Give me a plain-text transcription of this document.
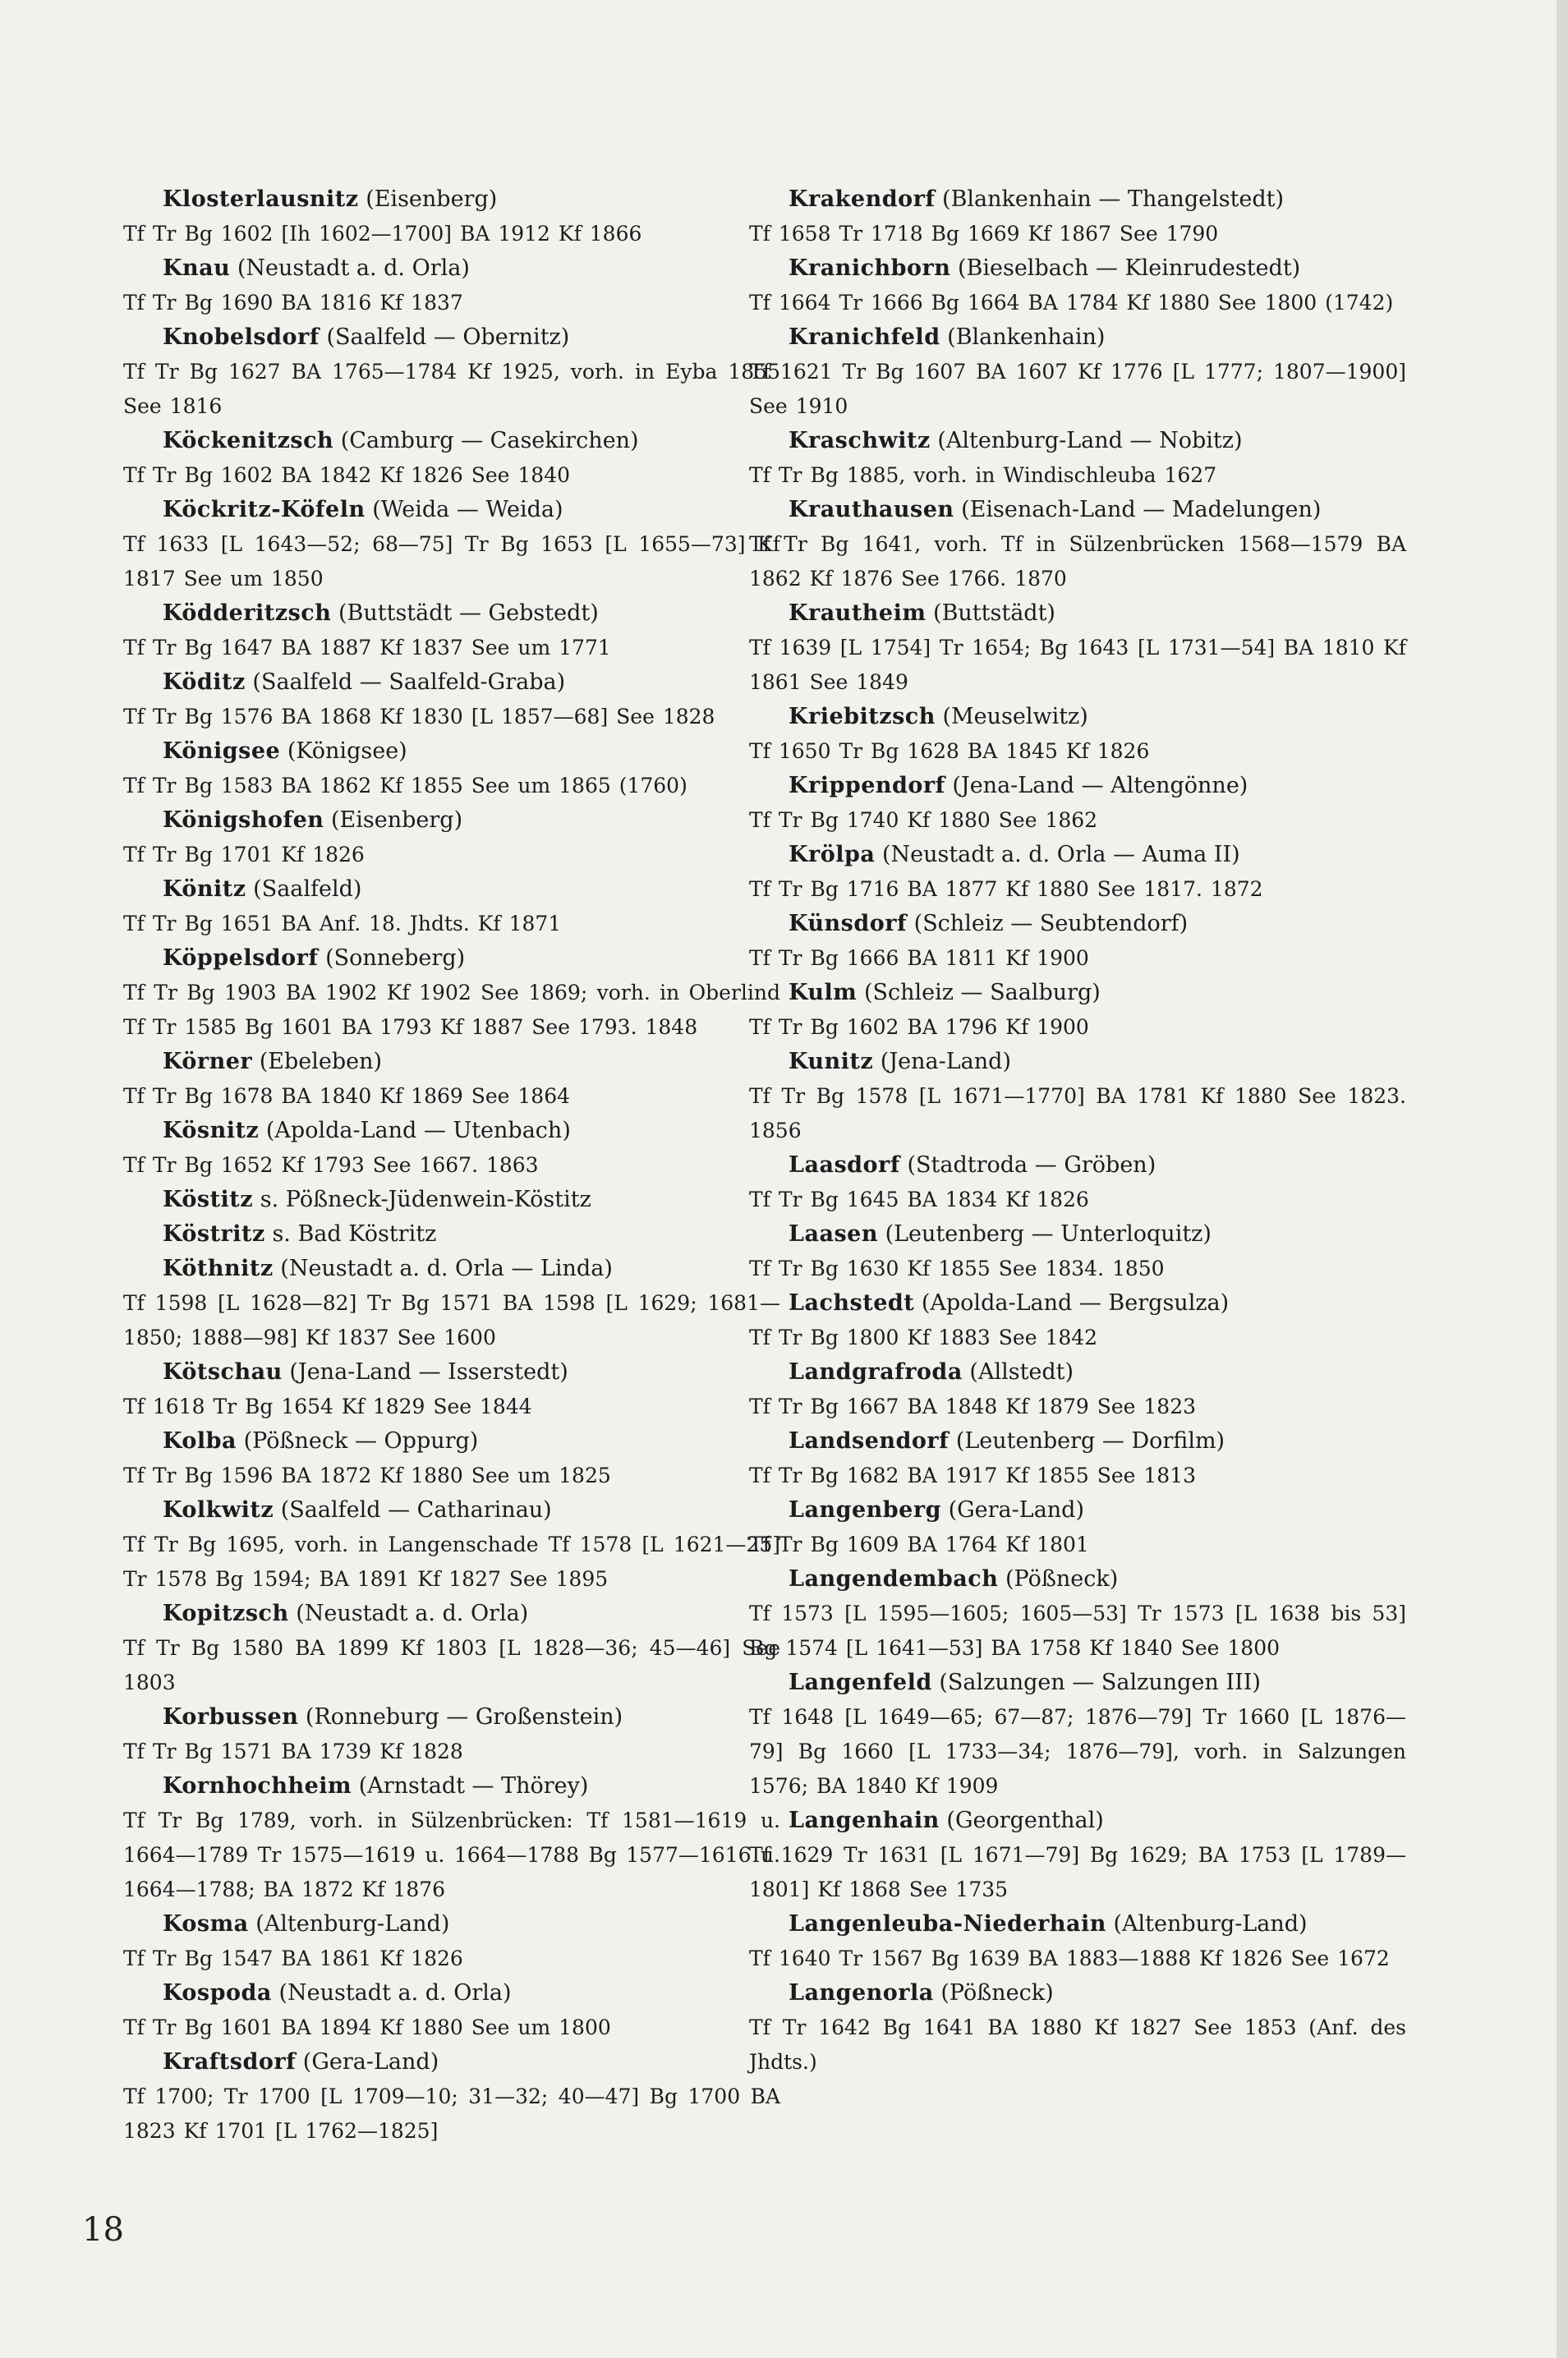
Klosterlausnitz (Eisenberg)
Tf Tr Bg 1602 [Ih 1602—1700] BA 1912 Kf 1866
Knau (Neustadt a. d. Orla)
Tf Tr Bg 1690 BA 1816 Kf 1837
Knobelsdorf (Saalfeld — Obernitz)
Tf Tr Bg 1627 BA 1765—1784 Kf 1925, vorh. in Eyba 1855 See 1816
Köckenitzsch (Camburg — Casekirchen)
Tf Tr Bg 1602 BA 1842 Kf 1826 See 1840
Köckritz-Köfeln (Weida — Weida)
Tf 1633 [L 1643—52; 68—75] Tr Bg 1653 [L 1655—73] Kf 1817 See um 1850
Ködderitzsch (Buttstädt — Gebstedt)
Tf Tr Bg 1647 BA 1887 Kf 1837 See um 1771
Köditz (Saalfeld — Saalfeld-Graba)
Tf Tr Bg 1576 BA 1868 Kf 1830 [L 1857—68] See 1828
Königsee (Königsee)
Tf Tr Bg 1583 BA 1862 Kf 1855 See um 1865 (1760)
Königshofen (Eisenberg)
Tf Tr Bg 1701 Kf 1826
Könitz (Saalfeld)
Tf Tr Bg 1651 BA Anf. 18. Jhdts. Kf 1871
Köppelsdorf (Sonneberg)
Tf Tr Bg 1903 BA 1902 Kf 1902 See 1869; vorh. in Oberlind Tf Tr 1585 Bg 1601 BA 1793 Kf 1887 See 1793. 1848
Körner (Ebeleben)
Tf Tr Bg 1678 BA 1840 Kf 1869 See 1864
Kösnitz (Apolda-Land — Utenbach)
Tf Tr Bg 1652 Kf 1793 See 1667. 1863
Köstitz s. Pößneck-Jüdenwein-Köstitz
Köstritz s. Bad Köstritz
Köthnitz (Neustadt a. d. Orla — Linda)
Tf 1598 [L 1628—82] Tr Bg 1571 BA 1598 [L 1629; 1681—1850; 1888—98] Kf 1837 See 1600
Kötschau (Jena-Land — Isserstedt)
Tf 1618 Tr Bg 1654 Kf 1829 See 1844
Kolba (Pößneck — Oppurg)
Tf Tr Bg 1596 BA 1872 Kf 1880 See um 1825
Kolkwitz (Saalfeld — Catharinau)
Tf Tr Bg 1695, vorh. in Langenschade Tf 1578 [L 1621—25] Tr 1578 Bg 1594; BA 1891 Kf 1827 See 1895
Kopitzsch (Neustadt a. d. Orla)
Tf Tr Bg 1580 BA 1899 Kf 1803 [L 1828—36; 45—46] See 1803
Korbussen (Ronneburg — Großenstein)
Tf Tr Bg 1571 BA 1739 Kf 1828
Kornhochheim (Arnstadt — Thörey)
Tf Tr Bg 1789, vorh. in Sülzenbrücken: Tf 1581—1619 u. 1664—1789 Tr 1575—1619 u. 1664—1788 Bg 1577—1616 u. 1664—1788; BA 1872 Kf 1876
Kosma (Altenburg-Land)
Tf Tr Bg 1547 BA 1861 Kf 1826
Kospoda (Neustadt a. d. Orla)
Tf Tr Bg 1601 BA 1894 Kf 1880 See um 1800
Kraftsdorf (Gera-Land)
Tf 1700; Tr 1700 [L 1709—10; 31—32; 40—47] Bg 1700 BA 1823 Kf 1701 [L 1762—1825]
Krakendorf (Blankenhain — Thangelstedt)
Tf 1658 Tr 1718 Bg 1669 Kf 1867 See 1790
Kranichborn (Bieselbach — Kleinrudestedt)
Tf 1664 Tr 1666 Bg 1664 BA 1784 Kf 1880 See 1800 (1742)
Kranichfeld (Blankenhain)
Tf 1621 Tr Bg 1607 BA 1607 Kf 1776 [L 1777; 1807—1900] See 1910
Kraschwitz (Altenburg-Land — Nobitz)
Tf Tr Bg 1885, vorh. in Windischleuba 1627
Krauthausen (Eisenach-Land — Madelungen)
Tf Tr Bg 1641, vorh. Tf in Sülzenbrücken 1568—1579 BA 1862 Kf 1876 See 1766. 1870
Krautheim (Buttstädt)
Tf 1639 [L 1754] Tr 1654; Bg 1643 [L 1731—54] BA 1810 Kf 1861 See 1849
Kriebitzsch (Meuselwitz)
Tf 1650 Tr Bg 1628 BA 1845 Kf 1826
Krippendorf (Jena-Land — Altengönne)
Tf Tr Bg 1740 Kf 1880 See 1862
Krölpa (Neustadt a. d. Orla — Auma II)
Tf Tr Bg 1716 BA 1877 Kf 1880 See 1817. 1872
Künsdorf (Schleiz — Seubtendorf)
Tf Tr Bg 1666 BA 1811 Kf 1900
Kulm (Schleiz — Saalburg)
Tf Tr Bg 1602 BA 1796 Kf 1900
Kunitz (Jena-Land)
Tf Tr Bg 1578 [L 1671—1770] BA 1781 Kf 1880 See 1823. 1856
Laasdorf (Stadtroda — Gröben)
Tf Tr Bg 1645 BA 1834 Kf 1826
Laasen (Leutenberg — Unterloquitz)
Tf Tr Bg 1630 Kf 1855 See 1834. 1850
Lachstedt (Apolda-Land — Bergsulza)
Tf Tr Bg 1800 Kf 1883 See 1842
Landgrafroda (Allstedt)
Tf Tr Bg 1667 BA 1848 Kf 1879 See 1823
Landsendorf (Leutenberg — Dorfilm)
Tf Tr Bg 1682 BA 1917 Kf 1855 See 1813
Langenberg (Gera-Land)
Tf Tr Bg 1609 BA 1764 Kf 1801
Langendembach (Pößneck)
Tf 1573 [L 1595—1605; 1605—53] Tr 1573 [L 1638 bis 53] Bg 1574 [L 1641—53] BA 1758 Kf 1840 See 1800
Langenfeld (Salzungen — Salzungen III)
Tf 1648 [L 1649—65; 67—87; 1876—79] Tr 1660 [L 1876—79] Bg 1660 [L 1733—34; 1876—79], vorh. in Salzungen 1576; BA 1840 Kf 1909
Langenhain (Georgenthal)
Tf 1629 Tr 1631 [L 1671—79] Bg 1629; BA 1753 [L 1789—1801] Kf 1868 See 1735
Langenleuba-Niederhain (Altenburg-Land)
Tf 1640 Tr 1567 Bg 1639 BA 1883—1888 Kf 1826 See 1672
Langenorla (Pößneck)
Tf Tr 1642 Bg 1641 BA 1880 Kf 1827 See 1853 (Anf. des Jhdts.)
18
